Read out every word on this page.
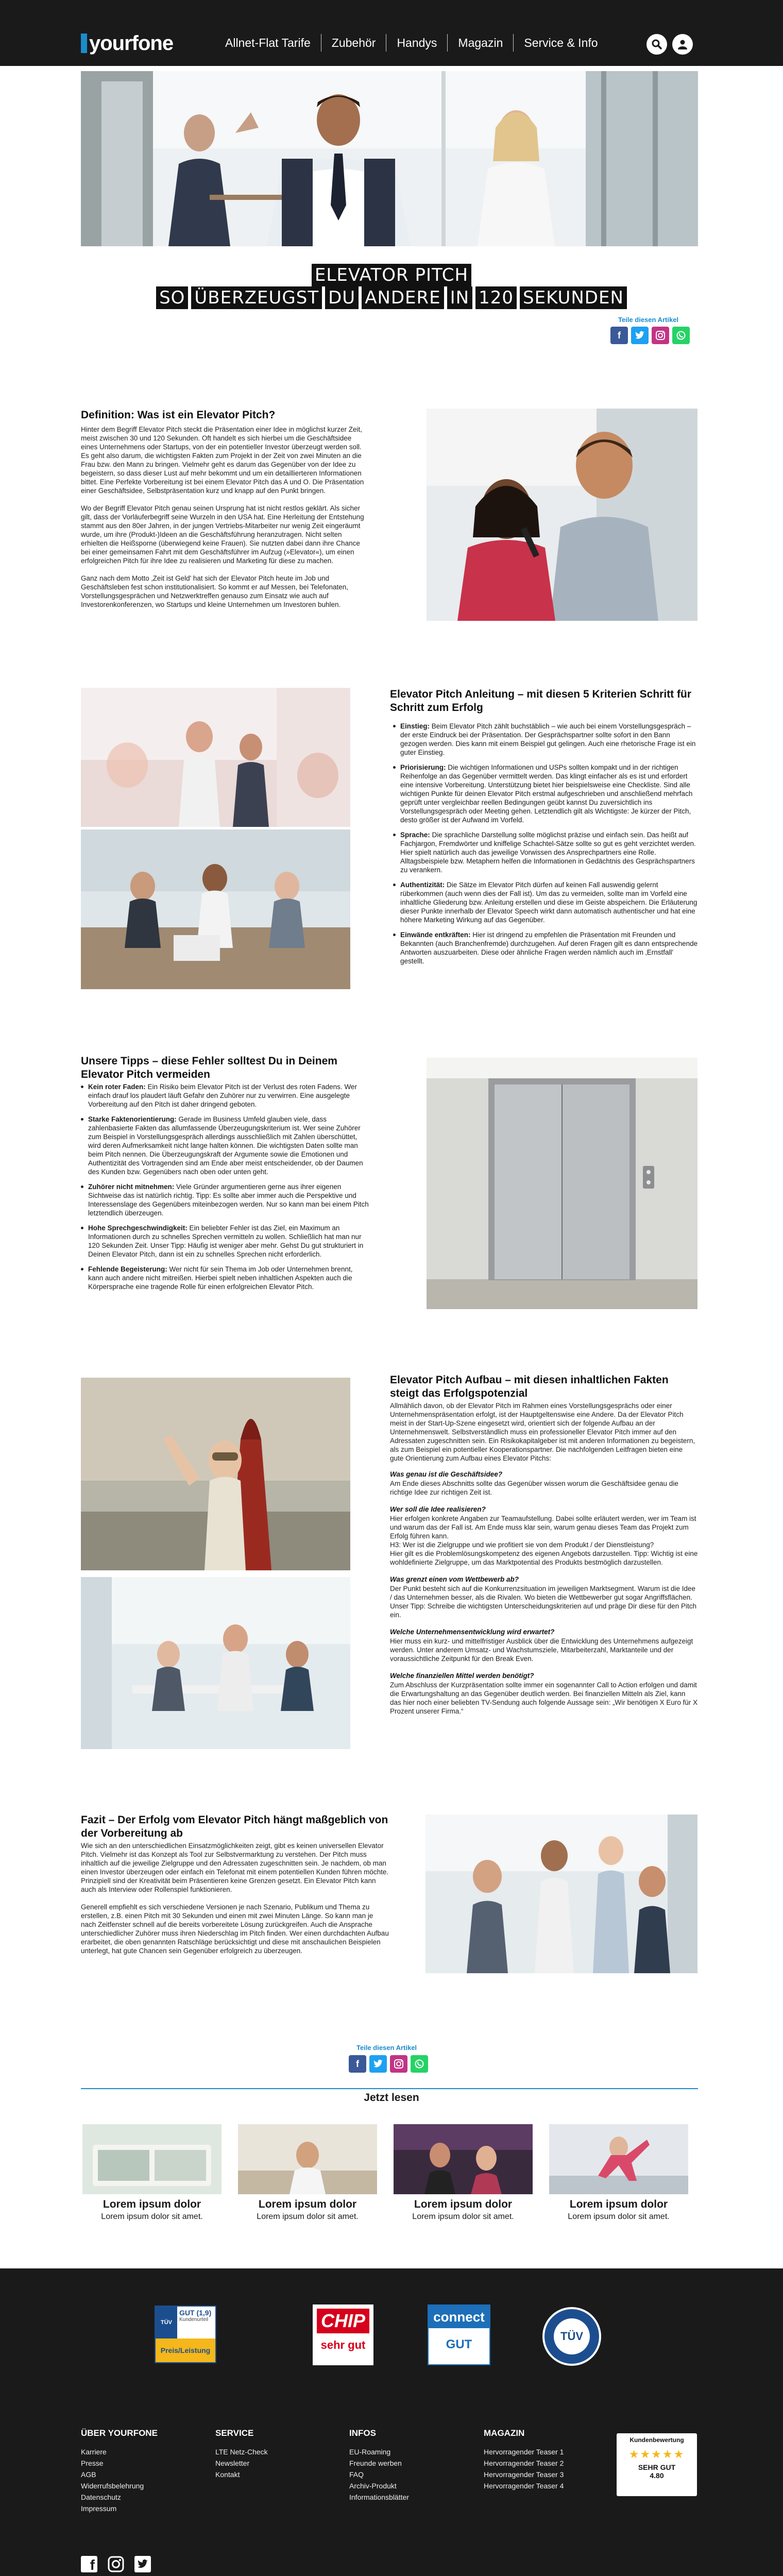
yourfone	Allnet-Flat Tarife	Zubehör	Handys	Magazin	Service & Info
ELEVATOR PITCH
SO ÜBERZEUGST DU ANDERE IN 120 SEKUNDEN
Teile diesen Artikel
f
Definition: Was ist ein Elevator Pitch?

Hinter dem Begriff Elevator Pitch steckt die Präsentation einer Idee in möglichst kurzer Zeit, meist zwischen 30 und 120 Sekunden. Oft handelt es sich hierbei um die Geschäftsidee eines Unternehmens oder Startups, von der ein potentieller Investor überzeugt werden soll. Es geht also darum, die wichtigsten Fakten zum Projekt in der Zeit von zwei Minuten an die Frau bzw. den Mann zu bringen. Vielmehr geht es darum das Gegenüber von der Idee zu begeistern, so dass dieser Lust auf mehr bekommt und um ein detaillierteren Informationen bittet. Eine Perfekte Vorbereitung ist bei einem Elevator Pitch das A und O. Die Präsentation einer Geschäftsidee, Selbstpräsentation kurz und knapp auf den Punkt bringen.

Wo der Begriff Elevator Pitch genau seinen Ursprung hat ist nicht restlos geklärt. Als sicher gilt, dass der Vorläuferbegriff seine Wurzeln in den USA hat. Eine Herleitung der Entstehung stammt aus den 80er Jahren, in der jungen Vertriebs-Mitarbeiter nur wenig Zeit eingeräumt wurde, um ihre (Produkt-)Ideen an die Geschäftsführung heranzutragen. Nicht selten erhielten die Heißsporne (überwiegend keine Frauen). Sie nutzten dabei dann ihre Chance bei einer gemeinsamen Fahrt mit dem Geschäftsführer im Aufzug (»Elevator«), um einen erfolgreichen Pitch für ihre Idee zu realisieren und Marketing für diese zu machen.

Ganz nach dem Motto ‚Zeit ist Geld' hat sich der Elevator Pitch heute im Job und Geschäftsleben fest schon institutionalisiert. So kommt er auf Messen, bei Telefonaten, Vorstellungsgesprächen und Netzwerktreffen genauso zum Einsatz wie auch auf Investorenkonferenzen, wo Startups und kleine Unternehmen um Investoren buhlen.

Elevator Pitch Anleitung – mit diesen 5 Kriterien Schritt für Schritt zum Erfolg
Einstieg: Beim Elevator Pitch zählt buchstäblich – wie auch bei einem Vorstellungsgespräch – der erste Eindruck bei der Präsentation. Der Gesprächspartner sollte sofort in den Bann gezogen werden. Dies kann mit einem Beispiel gut gelingen. Auch eine rhetorische Frage ist ein guter Einstieg.
Priorisierung: Die wichtigen Informationen und USPs sollten kompakt und in der richtigen Reihenfolge an das Gegenüber vermittelt werden. Das klingt einfacher als es ist und erfordert eine intensive Vorbereitung. Unterstützung bietet hier beispielsweise eine Checkliste. Sind alle wichtigen Punkte für deinen Elevator Pitch erstmal aufgeschrieben und anschließend mehrfach geprüft unter vergleichbar reellen Bedingungen geübt kannst Du zuversichtlich ins Vorstellungsgespräch oder Meeting gehen. Letztendlich gilt als Wichtigste: Je kürzer der Pitch, desto größer ist der Aufwand im Vorfeld.
Sprache: Die sprachliche Darstellung sollte möglichst präzise und einfach sein. Das heißt auf Fachjargon, Fremdwörter und kniffelige Schachtel-Sätze sollte so gut es geht verzichtet werden. Hier spielt natürlich auch das jeweilige Vorwissen des Ansprechpartners eine Rolle. Alltagsbeispiele bzw. Metaphern helfen die Informationen in Gedächtnis des Gesprächspartners zu verankern.
Authentizität: Die Sätze im Elevator Pitch dürfen auf keinen Fall auswendig gelernt rüberkommen (auch wenn dies der Fall ist). Um das zu vermeiden, sollte man im Vorfeld eine inhaltliche Gliederung bzw. Anleitung erstellen und diese im Geiste abspeichern. Die Erläuterung dieser Punkte innerhalb der Elevator Speech wirkt dann automatisch authentischer und hat eine höhere Marketing Wirkung auf das Gegenüber.
Einwände entkräften: Hier ist dringend zu empfehlen die Präsentation mit Freunden und Bekannten (auch Branchenfremde) durchzugehen. Auf deren Fragen gilt es dann entsprechende Antworten auszuarbeiten. Diese oder ähnliche Fragen werden nämlich auch im ‚Ernstfall' gestellt.
Unsere Tipps – diese Fehler solltest Du in Deinem Elevator Pitch vermeiden
Kein roter Faden: Ein Risiko beim Elevator Pitch ist der Verlust des roten Fadens. Wer einfach drauf los plaudert läuft Gefahr den Zuhörer nur zu verwirren. Eine ausgelegte Vorbereitung auf den Pitch ist daher dringend geboten.
Starke Faktenorientierung: Gerade im Business Umfeld glauben viele, dass zahlenbasierte Fakten das allumfassende Überzeugungskriterium ist. Wer seine Zuhörer zum Beispiel in Vorstellungsgespräch allerdings ausschließlich mit Zahlen überschüttet, wird deren Aufmerksamkeit nicht lange halten können. Die wichtigsten Daten sollte man beim Pitch nennen. Die Überzeugungskraft der Argumente sowie die Emotionen und Authentizität des Vortragenden sind am Ende aber meist entscheidender, ob der Daumen des Kunden bzw. Gegenübers nach oben oder unten geht.
Zuhörer nicht mitnehmen: Viele Gründer argumentieren gerne aus ihrer eigenen Sichtweise das ist natürlich richtig. Tipp: Es sollte aber immer auch die Perspektive und Interessenslage des Gegenübers miteinbezogen werden. Nur so kann man bei einem Pitch letztendlich überzeugen.
Hohe Sprechgeschwindigkeit: Ein beliebter Fehler ist das Ziel, ein Maximum an Informationen durch zu schnelles Sprechen vermitteln zu wollen. Schließlich hat man nur 120 Sekunden Zeit. Unser Tipp: Häufig ist weniger aber mehr. Gehst Du gut strukturiert in Deinen Elevator Pitch, dann ist ein zu schnelles Sprechen nicht erforderlich.
Fehlende Begeisterung: Wer nicht für sein Thema im Job oder Unternehmen brennt, kann auch andere nicht mitreißen. Hierbei spielt neben inhaltlichen Aspekten auch die Körpersprache eine tragende Rolle für einen erfolgreichen Elevator Pitch.
Elevator Pitch Aufbau – mit diesen inhaltlichen Fakten steigt das Erfolgspotenzial

Allmählich davon, ob der Elevator Pitch im Rahmen eines Vorstellungsgesprächs oder einer Unternehmenspräsentation erfolgt, ist der Hauptgeltenswise eine Andere. Da der Elevator Pitch meist in der Start-Up-Szene eingesetzt wird, orientiert sich der folgende Aufbau an der Unternehmenswelt. Selbstverständlich muss ein professioneller Elevator Pitch immer auf den Adressaten zugeschnitten sein. Ein Risikokapitalgeber ist mit anderen Informationen zu begeistern, als zum Beispiel ein potentieller Kooperationspartner. Die nachfolgenden Leitfragen bieten eine gute Orientierung zum Aufbau eines Elevator Pitchs:

Was genau ist die Geschäftsidee?

Am Ende dieses Abschnitts sollte das Gegenüber wissen worum die Geschäftsidee genau die richtige Idee zur richtigen Zeit ist.

Wer soll die Idee realisieren?

Hier erfolgen konkrete Angaben zur Teamaufstellung. Dabei sollte erläutert werden, wer im Team ist und warum das der Fall ist. Am Ende muss klar sein, warum genau dieses Team das Projekt zum Erfolg führen kann.
H3: Wer ist die Zielgruppe und wie profitiert sie von dem Produkt / der Dienstleistung?
Hier gilt es die Problemlösungskompetenz des eigenen Angebots darzustellen. Tipp: Wichtig ist eine wohldefinierte Zielgruppe, um das Marktpotential des Produkts bestmöglich darzustellen.

Was grenzt einen vom Wettbewerb ab?

Der Punkt besteht sich auf die Konkurrenzsituation im jeweiligen Marktsegment. Warum ist die Idee / das Unternehmen besser, als die Rivalen. Wo bieten die Wettbewerber gut sogar Angriffsflächen. Unser Tipp: Schreibe die wichtigsten Unterscheidungskriterien auf und präge Dir diese für den Pitch ein.

Welche Unternehmensentwicklung wird erwartet?

Hier muss ein kurz- und mittelfristiger Ausblick über die Entwicklung des Unternehmens aufgezeigt werden. Unter anderem Umsatz- und Wachstumsziele, Mitarbeiterzahl, Marktanteile und der voraussichtliche Zeitpunkt für den Break Even.

Welche finanziellen Mittel werden benötigt?

Zum Abschluss der Kurzpräsentation sollte immer ein sogenannter Call to Action erfolgen und damit die Erwartungshaltung an das Gegenüber deutlich werden. Bei finanziellen Mitteln als Ziel, kann das hier noch einer beliebten TV-Sendung auch folgende Aussage sein: „Wir benötigen X Euro für X Prozent unserer Firma.“

Fazit – Der Erfolg vom Elevator Pitch hängt maßgeblich von der Vorbereitung ab

Wie sich an den unterschiedlichen Einsatzmöglichkeiten zeigt, gibt es keinen universellen Elevator Pitch. Vielmehr ist das Konzept als Tool zur Selbstvermarktung zu verstehen. Der Pitch muss inhaltlich auf die jeweilige Zielgruppe und den Adressaten zugeschnitten sein. Je nachdem, ob man einen Investor überzeugen oder einfach ein Telefonat mit einem potentiellen Kunden führen möchte. Prinzipiell sind der Kreativität beim Präsentieren keine Grenzen gesetzt. Ein Elevator Pitch kann auch als Interview oder Rollenspiel funktionieren.

Generell empfiehlt es sich verschiedene Versionen je nach Szenario, Publikum und Thema zu erstellen, z.B. einen Pitch mit 30 Sekunden und einen mit zwei Minuten Länge. So kann man je nach Zeitfenster schnell auf die bereits vorbereitete Lösung zurückgreifen. Auch die Ansprache unterschiedlicher Zuhörer muss ihren Niederschlag im Pitch finden. Wer einen durchdachten Aufbau erarbeitet, die oben genannten Ratschläge berücksichtigt und diese mit anschaulichen Beispielen unterlegt, hat gute Chancen sein Gegenüber erfolgreich zu überzeugen.

Teile diesen Artikel
f
Jetzt lesen
Lorem ipsum dolor
Lorem ipsum dolor sit amet.
Lorem ipsum dolor
Lorem ipsum dolor sit amet.
Lorem ipsum dolor
Lorem ipsum dolor sit amet.
Lorem ipsum dolor
Lorem ipsum dolor sit amet.
TÜV
GUT (1,9)
Kundenurteil
Preis/Leistung
CHIP
sehr gut
connect
GUT
TÜV
ÜBER YOURFONE
Karriere
Presse
AGB
Widerrufsbelehrung
Datenschutz
Impressum
SERVICE
LTE Netz-Check
Newsletter
Kontakt
INFOS
EU-Roaming
Freunde werben
FAQ
Archiv-Produkt
Informationsblätter
MAGAZIN
Hervorragender Teaser 1
Hervorragender Teaser 2
Hervorragender Teaser 3
Hervorragender Teaser 4
Kundenbewertung
★★★★★
SEHR GUT
4.80
f
